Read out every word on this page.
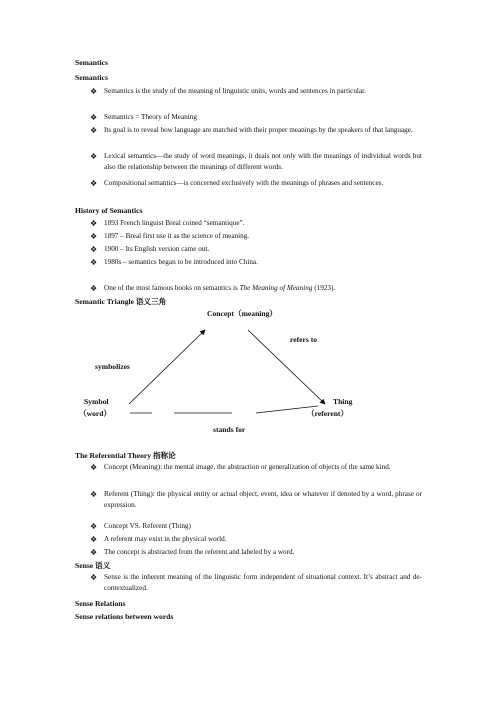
Semantics
Semantics
❖ Semantics is the study of the meaning of linguistic units, words and sentences in particular.
❖ Semantics = Theory of Meaning
❖ Its goal is to reveal how language are matched with their proper meanings by the speakers of that language.
❖ Lexical semantics—the study of word meanings, it deals not only with the meanings of individual words but also the relationship between the meanings of different words.
❖ Compositional semantics—is concerned exclusively with the meanings of phrases and sentences.
History of Semantics
❖ 1893 French linguist Breal coined “semantique”.
❖ 1897 – Breal first use it as the science of meaning.
❖ 1900 – Its English version came out.
❖ 1980s – semantics began to be introduced into China.
❖ One of the most famous books on semantics is The Meaning of Meaning (1923).
Semantic Triangle 语义三角
Concept（meaning）
refers to
symbolizes
Symbol
（word）
Thing
（referent）
stands for
The Referential Theory 指称论
❖ Concept (Meaning): the mental image, the abstraction or generalization of objects of the same kind.
❖ Referent (Thing): the physical entity or actual object, event, idea or whatever if denoted by a word, phrase or expression.
❖ Concept VS. Referent (Thing)
❖ A referent may exist in the physical world.
❖ The concept is abstracted from the referent and labeled by a word.
Sense 语义
❖ Sense is the inherent meaning of the linguistic form independent of situational context. It’s abstract and de-contextualized.
Sense Relations
Sense relations between words
